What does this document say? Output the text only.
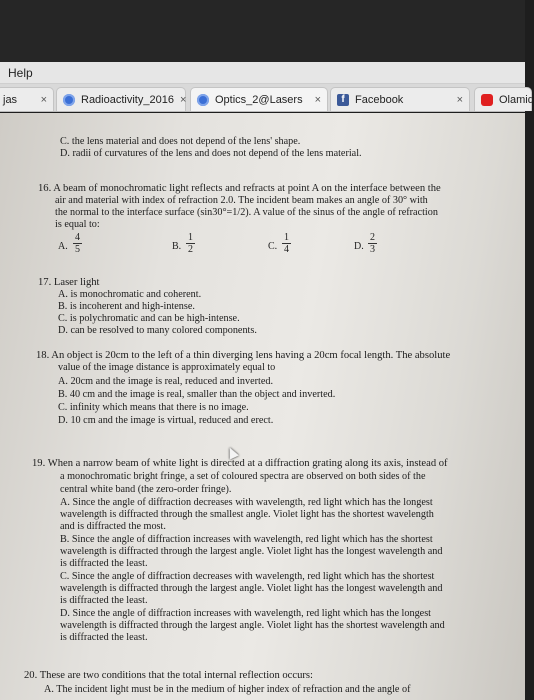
Help
jas	×	Radioactivity_2016 ×	Optics_2@Lasers	×	f Facebook	×	Olamid
C. the lens material and does not depend of the lens' shape.
D. radii of curvatures of the lens and does not depend of the lens material.
16. A beam of monochromatic light reflects and refracts at point A on the interface between the
air and material with index of refraction 2.0. The incident beam makes an angle of 30° with
the normal to the interface surface (sin30°=1/2). A value of the sinus of the angle of refraction
is equal to:
A.
4
5	B.
1
2	C.
1
4	D.
2
3
17. Laser light
A. is monochromatic and coherent.
B. is incoherent and high-intense.
C. is polychromatic and can be high-intense.
D. can be resolved to many colored components.
18. An object is 20cm to the left of a thin diverging lens having a 20cm focal length. The absolute
value of the image distance is approximately equal to
A. 20cm and the image is real, reduced and inverted.
B. 40 cm and the image is real, smaller than the object and inverted.
C. infinity which means that there is no image.
D. 10 cm and the image is virtual, reduced and erect.
19. When a narrow beam of white light is directed at a diffraction grating along its axis, instead of
a monochromatic bright fringe, a set of coloured spectra are observed on both sides of the
central white band (the zero-order fringe).
A. Since the angle of diffraction decreases with wavelength, red light which has the longest
wavelength is diffracted through the smallest angle. Violet light has the shortest wavelength
and is diffracted the most.
B. Since the angle of diffraction increases with wavelength, red light which has the shortest
wavelength is diffracted through the largest angle. Violet light has the longest wavelength and
is diffracted the least.
C. Since the angle of diffraction decreases with wavelength, red light which has the shortest
wavelength is diffracted through the largest angle. Violet light has the longest wavelength and
is diffracted the least.
D. Since the angle of diffraction increases with wavelength, red light which has the longest
wavelength is diffracted through the largest angle. Violet light has the shortest wavelength and
is diffracted the least.
20. These are two conditions that the total internal reflection occurs:
A. The incident light must be in the medium of higher index of refraction and the angle of
